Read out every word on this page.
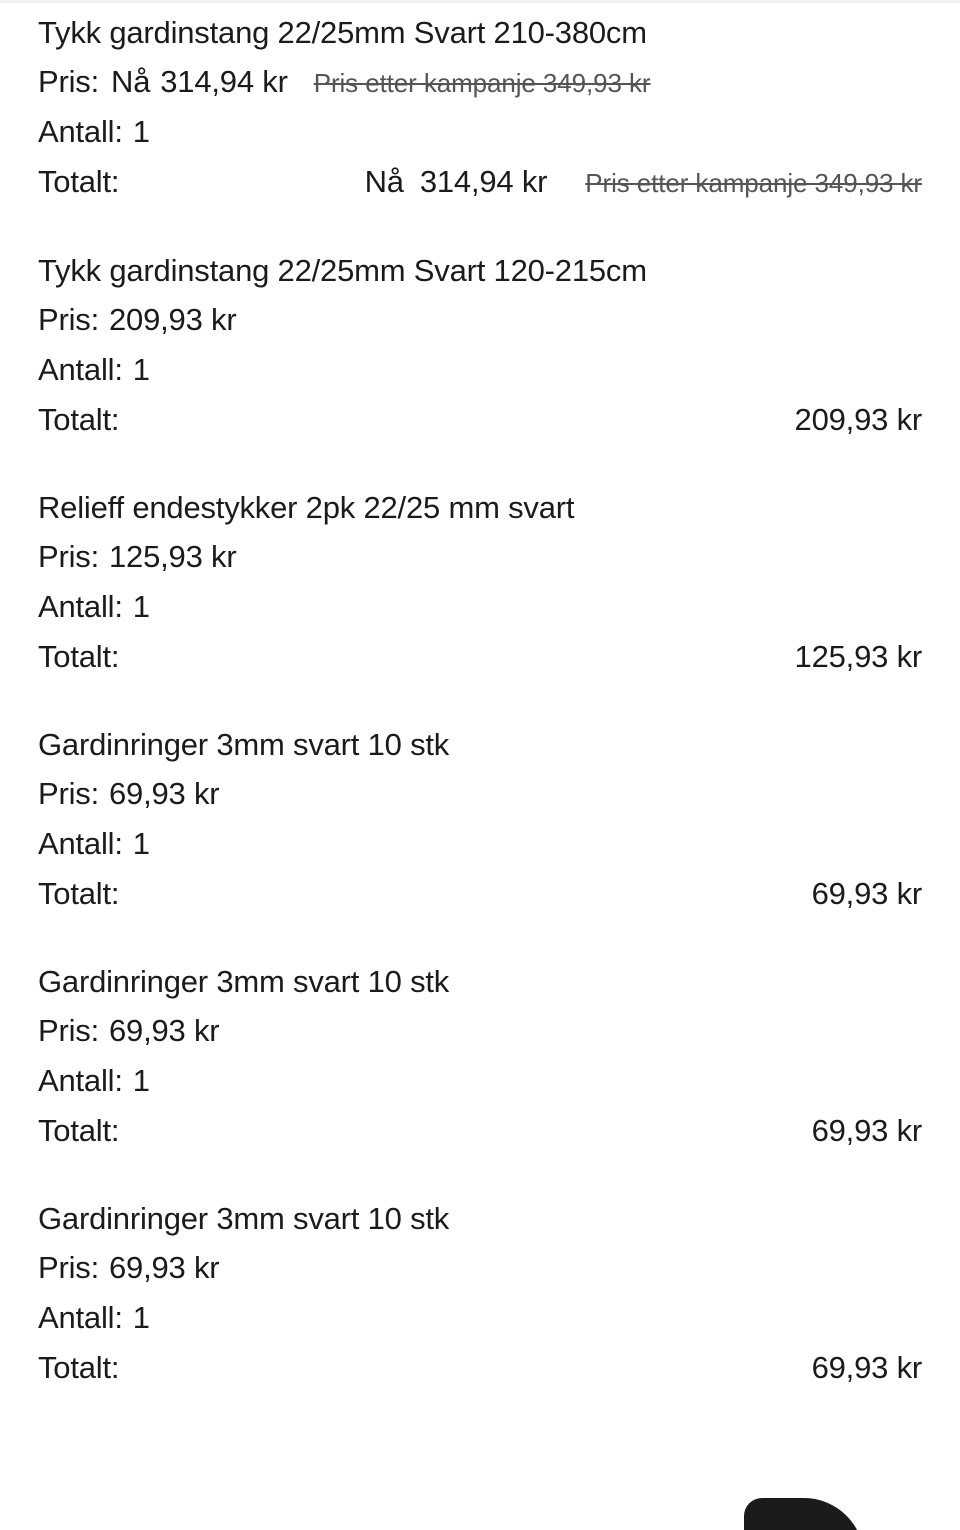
Tykk gardinstang 22/25mm Svart 210-380cm
Pris: Nå 314,94 kr Pris etter kampanje 349,93 kr
Antall: 1
Totalt:	Nå 314,94 kr Pris etter kampanje 349,93 kr
Tykk gardinstang 22/25mm Svart 120-215cm
Pris: 209,93 kr
Antall: 1
Totalt:	209,93 kr
Relieff endestykker 2pk 22/25 mm svart
Pris: 125,93 kr
Antall: 1
Totalt:	125,93 kr
Gardinringer 3mm svart 10 stk
Pris: 69,93 kr
Antall: 1
Totalt:	69,93 kr
Gardinringer 3mm svart 10 stk
Pris: 69,93 kr
Antall: 1
Totalt:	69,93 kr
Gardinringer 3mm svart 10 stk
Pris: 69,93 kr
Antall: 1
Totalt:	69,93 kr
